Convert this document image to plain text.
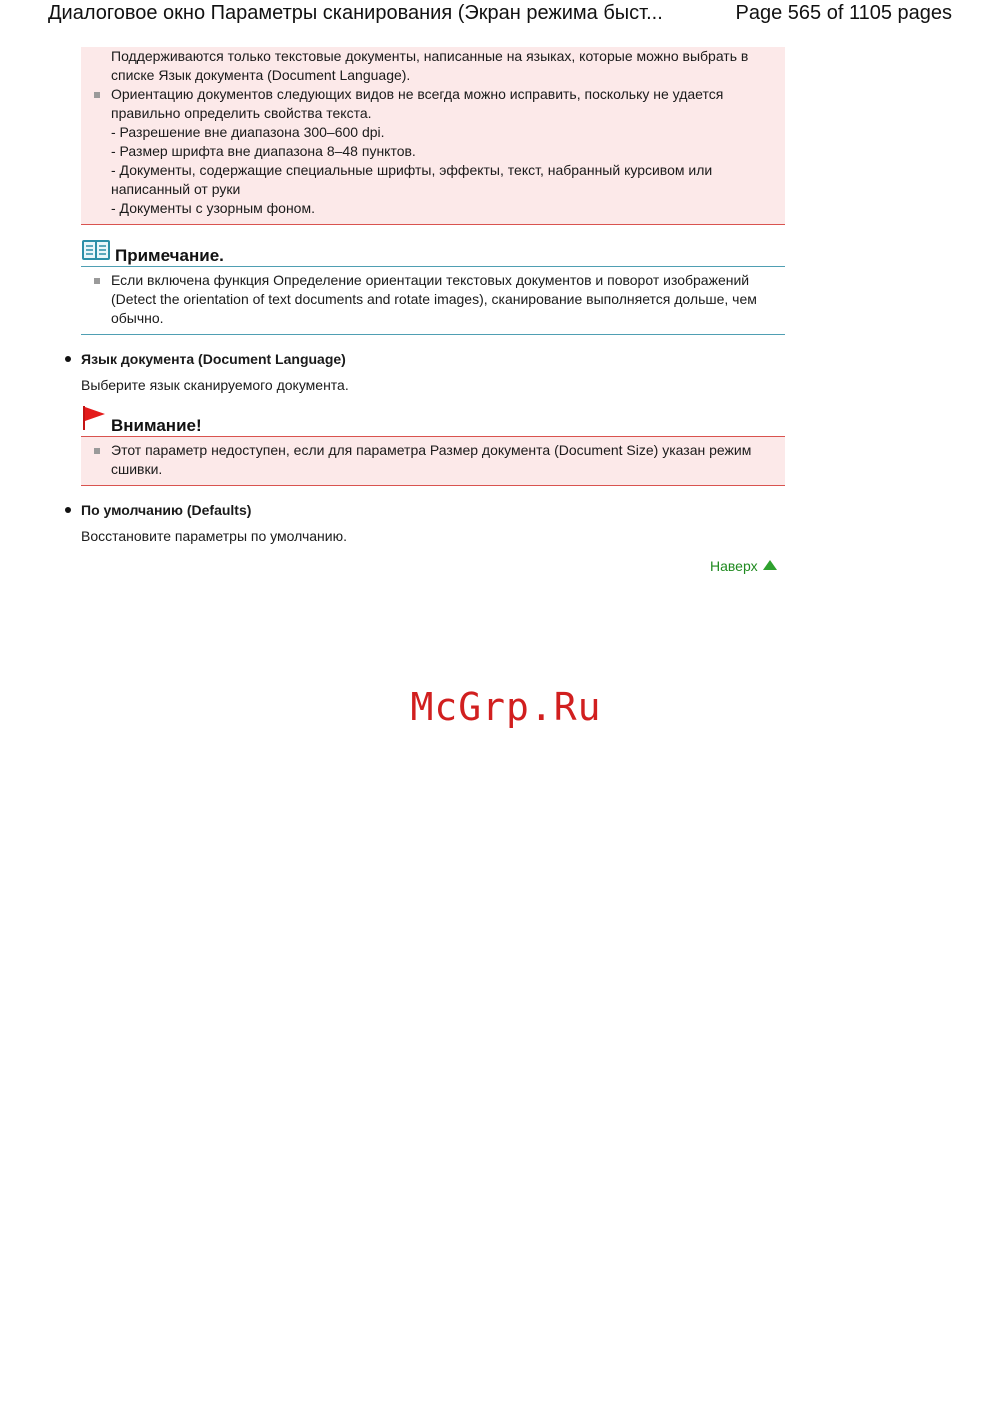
Диалоговое окно Параметры сканирования (Экран режима быст...	Page 565 of 1105 pages
Поддерживаются только текстовые документы, написанные на языках, которые можно выбрать в списке Язык документа (Document Language).
Ориентацию документов следующих видов не всегда можно исправить, поскольку не удается правильно определить свойства текста.
- Разрешение вне диапазона 300–600 dpi.
- Размер шрифта вне диапазона 8–48 пунктов.
- Документы, содержащие специальные шрифты, эффекты, текст, набранный курсивом или написанный от руки
- Документы с узорным фоном.
Примечание.
Если включена функция Определение ориентации текстовых документов и поворот изображений (Detect the orientation of text documents and rotate images), сканирование выполняется дольше, чем обычно.
Язык документа (Document Language)
Выберите язык сканируемого документа.
Внимание!
Этот параметр недоступен, если для параметра Размер документа (Document Size) указан режим сшивки.
По умолчанию (Defaults)
Восстановите параметры по умолчанию.
Наверх
McGrp.Ru
